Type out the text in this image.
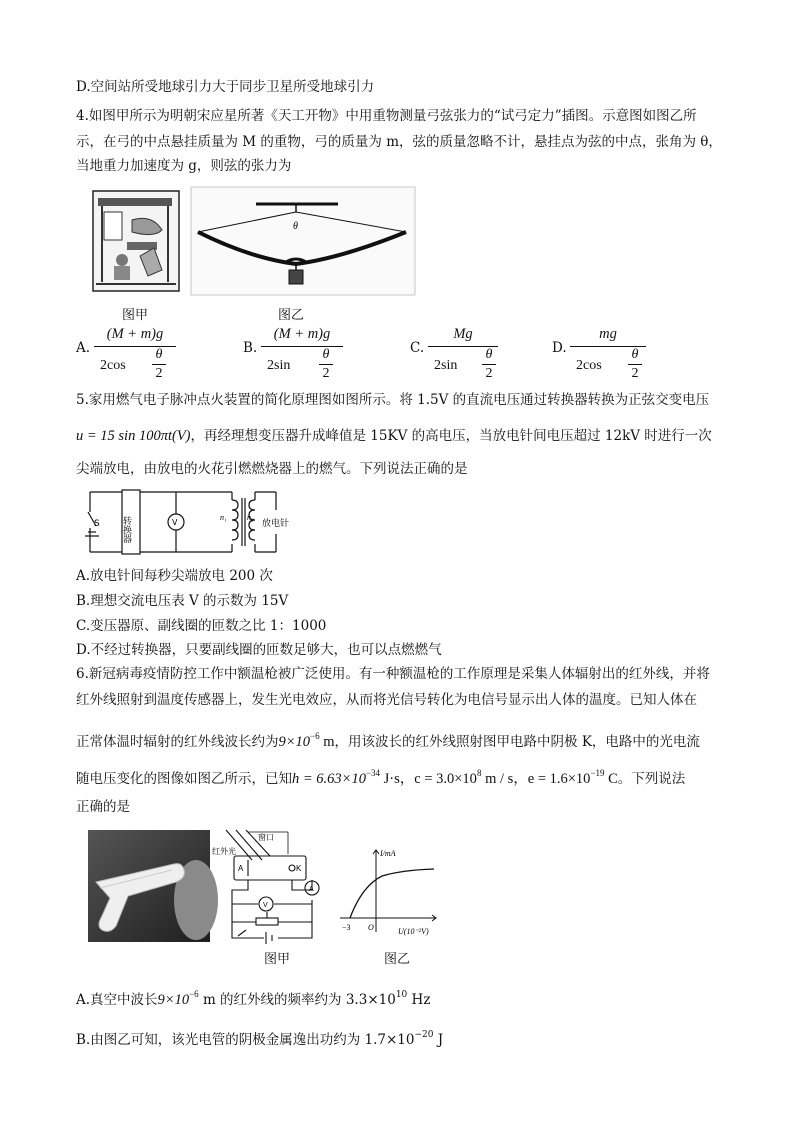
D.空间站所受地球引力大于同步卫星所受地球引力
4.如图甲所示为明朝宋应星所著《天工开物》中用重物测量弓弦张力的“试弓定力”插图。示意图如图乙所
示，在弓的中点悬挂质量为 M 的重物，弓的质量为 m，弦的质量忽略不计，悬挂点为弦的中点，张角为 θ，
当地重力加速度为 g，则弦的张力为
图甲
θ
图乙
A.
(M + m)g
2cos
θ
2
B.
(M + m)g
2sin
θ
2
C.
Mg
2sin
θ
2
D.
mg
2cos
θ
2
5.家用燃气电子脉冲点火装置的简化原理图如图所示。将 1.5V 的直流电压通过转换器转换为正弦交变电压
u = 15 sin 100πt(V)，再经理想变压器升成峰值是 15KV 的高电压，当放电针间电压超过 12kV 时进行一次
尖端放电，由放电的火花引燃燃烧器上的燃气。下列说法正确的是
S 转换器	V
n₁	n₂
放电针
A.放电针间每秒尖端放电 200 次
B.理想交流电压表 V 的示数为 15V
C.变压器原、副线圈的匝数之比 1：1000
D.不经过转换器，只要副线圈的匝数足够大，也可以点燃燃气
6.新冠病毒疫情防控工作中额温枪被广泛使用。有一种额温枪的工作原理是采集人体辐射出的红外线，并将
红外线照射到温度传感器上，发生光电效应，从而将光信号转化为电信号显示出人体的温度。已知人体在
正常体温时辐射的红外线波长约为$9\times 10^{-6}$ m，用该波长的红外线照射图甲电路中阴极 K，电路中的光电流
随电压变化的图像如图乙所示，已知$h = 6.63\times 10^{-34}$ J·s，$c = 3.0\times 10^8$ m / s，$e = 1.6\times 10^{-19}$ C。下列说法
正确的是
窗口
红外光
A	K
A
V
I/mA
U(10⁻²V)
−3 O
图甲	图乙
A.真空中波长$9\times 10^{-6}$ m 的红外线的频率约为 $3.3\times 10^{10}$ Hz
B.由图乙可知，该光电管的阴极金属逸出功约为 $1.7\times 10^{-20}$ J
